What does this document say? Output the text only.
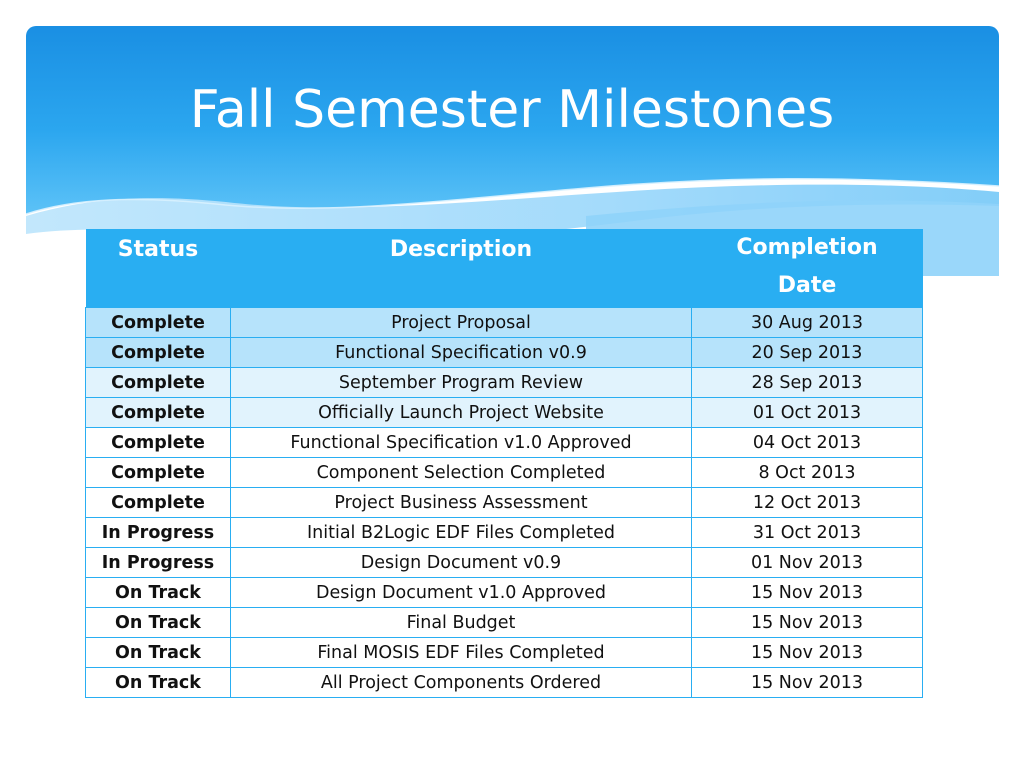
Fall Semester Milestones
Status	Description	Completion
Date
Complete	Project Proposal	30 Aug 2013
Complete	Functional Specification v0.9	20 Sep 2013
Complete	September Program Review	28 Sep 2013
Complete	Officially Launch Project Website	01 Oct 2013
Complete	Functional Specification v1.0 Approved	04 Oct 2013
Complete	Component Selection Completed	8 Oct 2013
Complete	Project Business Assessment	12 Oct 2013
In Progress	Initial B2Logic EDF Files Completed	31 Oct 2013
In Progress	Design Document v0.9	01 Nov 2013
On Track	Design Document v1.0 Approved	15 Nov 2013
On Track	Final Budget	15 Nov 2013
On Track	Final MOSIS EDF Files Completed	15 Nov 2013
On Track	All Project Components Ordered	15 Nov 2013
